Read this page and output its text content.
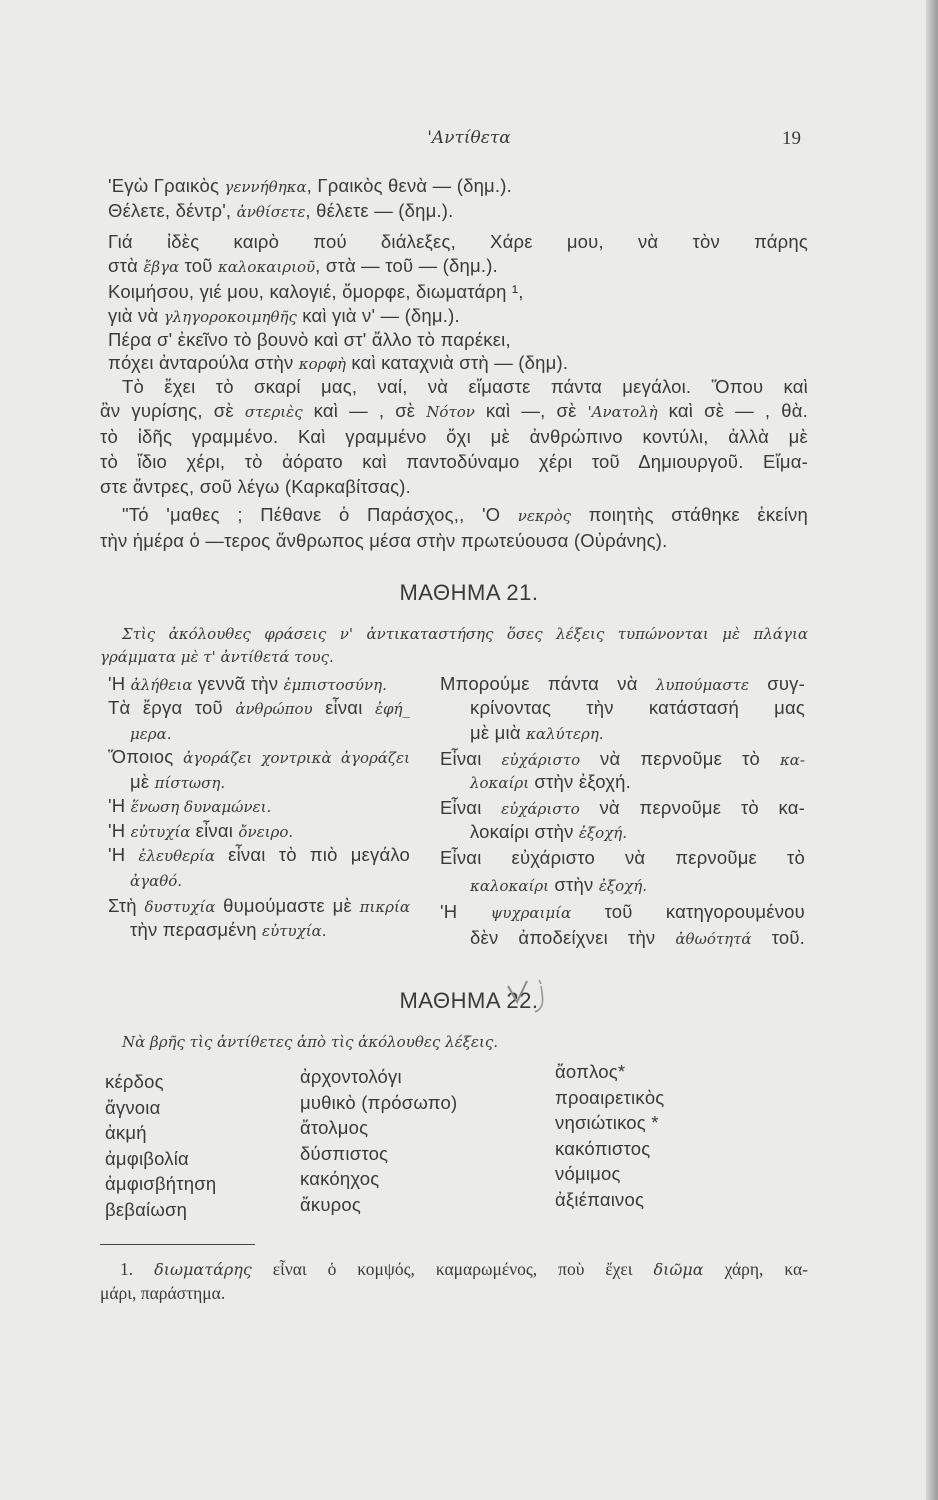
'Αντίθετα	19
'Εγὼ Γραικὸς γεννήθηκα, Γραικὸς θενὰ — (δημ.).
Θέλετε, δέντρ', ἀνθίσετε, θέλετε — (δημ.).
Γιά ἰδὲς καιρὸ πού διάλεξες, Χάρε μου, νὰ τὸν πάρης
στὰ ἔβγα τοῦ καλοκαιριοῦ, στὰ — τοῦ — (δημ.).
Κοιμήσου, γιέ μου, καλογιέ, ὄμορφε, διωματάρη ¹,
γιὰ νὰ γληγοροκοιμηθῆς καὶ γιὰ ν' — (δημ.).
Πέρα σ' ἐκεῖνο τὸ βουνὸ καὶ στ' ἄλλο τὸ παρέκει,
πόχει ἀνταρούλα στὴν κορφὴ καὶ καταχνιὰ στὴ — (δημ).
Τὸ ἔχει τὸ σκαρί μας, ναί, νὰ εἴμαστε πάντα μεγάλοι. Ὅπου καὶ
ἂν γυρίσης, σὲ στεριὲς καὶ — , σὲ Νότον καὶ —, σὲ 'Ανατολὴ καὶ σὲ — , θὰ.
τὸ ἰδῆς γραμμένο. Καὶ γραμμένο ὄχι μὲ ἀνθρώπινο κοντύλι, ἀλλὰ μὲ
τὸ ἴδιο χέρι, τὸ ἀόρατο καὶ παντοδύναμο χέρι τοῦ Δημιουργοῦ. Εἴμα-
στε ἄντρες, σοῦ λέγω (Καρκαβίτσας).
"Τό 'μαθες ; Πέθανε ὁ Παράσχος,, 'Ο νεκρὸς ποιητὴς στάθηκε ἐκείνη
τὴν ἡμέρα ὁ —τερος ἄνθρωπος μέσα στὴν πρωτεύουσα (Οὐράνης).
ΜΑΘΗΜΑ 21.
Στὶς ἀκόλουθες φράσεις ν' ἀντικαταστήσης ὅσες λέξεις τυπώνονται μὲ πλάγια
γράμματα μὲ τ' ἀντίθετά τους.
'Η ἀλήθεια γεννᾶ τὴν ἐμπιστοσύνη.
Τὰ ἔργα τοῦ ἀνθρώπου εἶναι ἐφή_
μερα.
Ὅποιος ἀγοράζει χοντρικὰ ἀγοράζει
μὲ πίστωση.
'Η ἕνωση δυναμώνει.
'Η εὐτυχία εἶναι ὄνειρο.
'Η ἐλευθερία εἶναι τὸ πιὸ μεγάλο
ἀγαθό.
Στὴ δυστυχία θυμούμαστε μὲ πικρία
τὴν περασμένη εὐτυχία.
Μπορούμε πάντα νὰ λυπούμαστε συγ-
κρίνοντας τὴν κατάστασή μας
μὲ μιὰ καλύτερη.
Εἶναι εὐχάριστο νὰ περνοῦμε τὸ κα-
λοκαίρι στὴν ἐξοχή.
Εἶναι εὐχάριστο νὰ περνοῦμε τὸ κα-
λοκαίρι στὴν ἐξοχή.
Εἶναι εὐχάριστο νὰ περνοῦμε τὸ
καλοκαίρι στὴν ἐξοχή.
'Η ψυχραιμία τοῦ κατηγορουμένου
δὲν ἀποδείχνει τὴν ἀθωότητά τοῦ.
ΜΑΘΗΜΑ 22.
Νὰ βρῆς τὶς ἀντίθετες ἀπὸ τὶς ἀκόλουθες λέξεις.
κέρδος
ἄγνοια
ἀκμή
ἀμφιβολία
ἀμφισβήτηση
βεβαίωση
ἀρχοντολόγι
μυθικὸ (πρόσωπο)
ἄτολμος
δύσπιστος
κακόηχος
ἄκυρος
ἄοπλος*
προαιρετικὸς
νησιώτικος *
κακόπιστος
νόμιμος
ἀξιέπαινος
1. διωματάρης εἶναι ὁ κομψός, καμαρωμένος, ποὺ ἔχει διῶμα χάρη, κα-
μάρι, παράστημα.
